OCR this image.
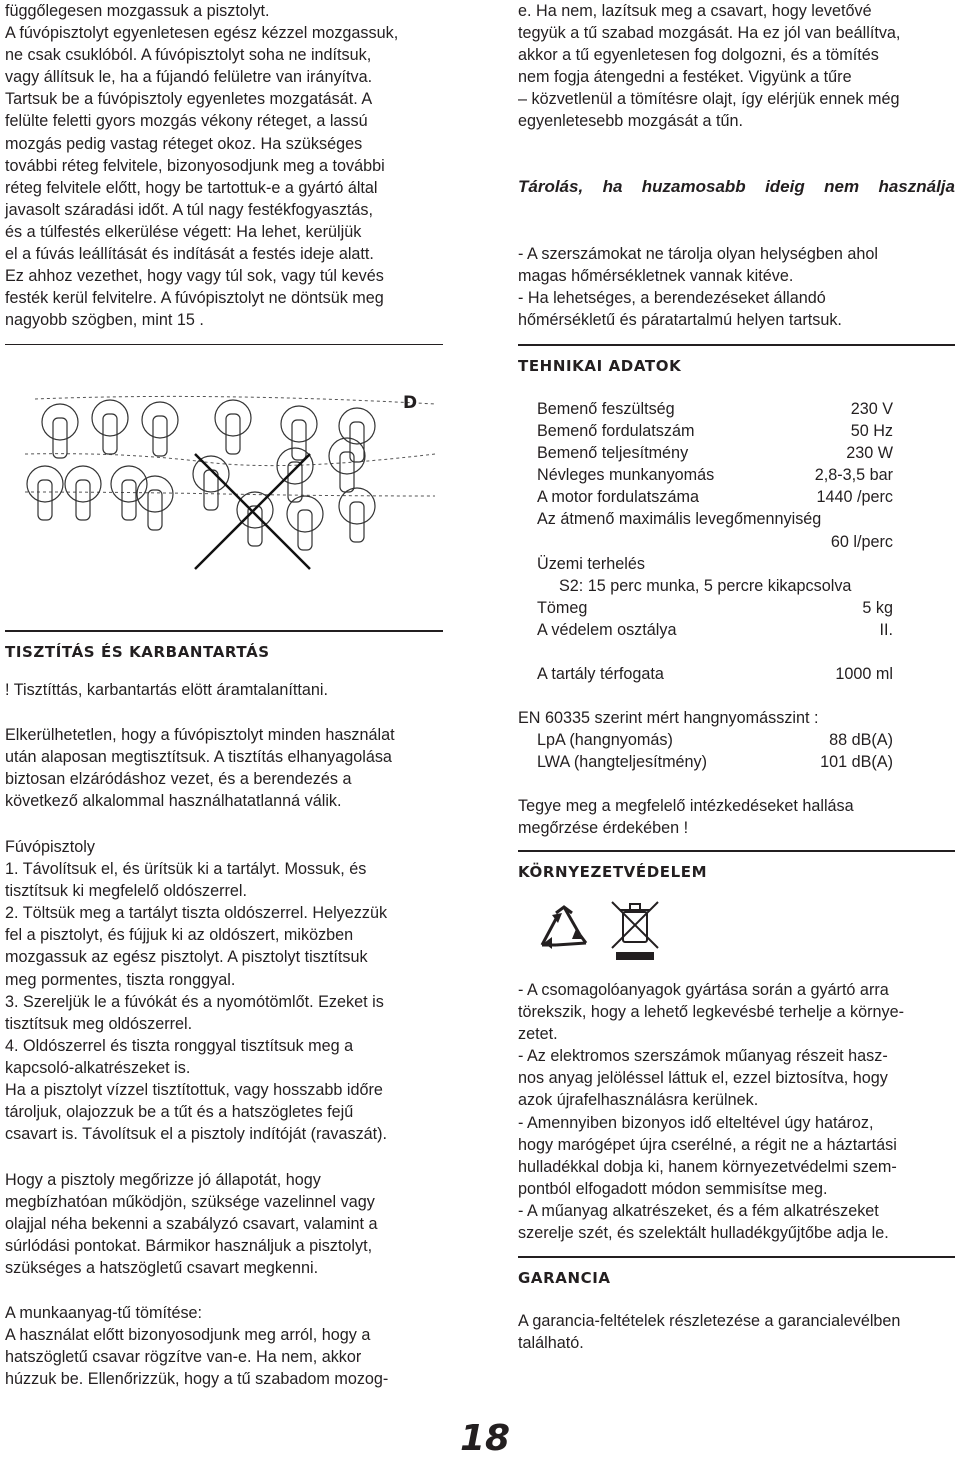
függőlegesen mozgassuk a pisztolyt.

A fúvópisztolyt egyenletesen egész kézzel mozgassuk,

ne csak csuklóból. A fúvópisztolyt soha ne indítsuk,

vagy állítsuk le, ha a fújandó felületre van irányítva.

Tartsuk be a fúvópisztoly egyenletes mozgatását. A

felülte feletti gyors mozgás vékony réteget, a lassú

mozgás pedig vastag réteget okoz. Ha szükséges

további réteg felvitele, bizonyosodjunk meg a további

réteg felvitele előtt, hogy be tartottuk-e a gyártó által

javasolt száradási időt. A túl nagy festékfogyasztás,

és a túlfestés elkerülése végett: Ha lehet, kerüljük

el a fúvás leállítását és indítását a festés ideje alatt.

Ez ahhoz vezethet, hogy vagy túl sok, vagy túl kevés

festék kerül felvitelre. A fúvópisztolyt ne döntsük meg

nagyobb szögben, mint 15 .

D
TISZTÍTÁS ÉS KARBANTARTÁS

! Tisztíttás, karbantartás elött áramtalaníttani.

Elkerülhetetlen, hogy a fúvópisztolyt minden használat

után alaposan megtisztítsuk. A tisztítás elhanyagolása

biztosan elzáródáshoz vezet, és a berendezés a

következő alkalommal használhatatlanná válik.

Fúvópisztoly

1. Távolítsuk el, és ürítsük ki a tartályt. Mossuk, és

tisztítsuk ki megfelelő oldószerrel.

2. Töltsük meg a tartályt tiszta oldószerrel. Helyezzük

fel a pisztolyt, és fújjuk ki az oldószert, miközben

mozgassuk az egész pisztolyt. A pisztolyt tisztítsuk

meg pormentes, tiszta ronggyal.

3. Szereljük le a fúvókát és a nyomótömlőt. Ezeket is

tisztítsuk meg oldószerrel.

4. Oldószerrel és tiszta ronggyal tisztítsuk meg a

kapcsoló-alkatrészeket is.

Ha a pisztolyt vízzel tisztítottuk, vagy hosszabb időre

tároljuk, olajozzuk be a tűt és a hatszögletes fejű

csavart is. Távolítsuk el a pisztoly indítóját (ravaszát).

Hogy a pisztoly megőrizze jó állapotát, hogy

megbízhatóan működjön, szüksége vazelinnel vagy

olajjal néha bekenni a szabályzó csavart, valamint a

súrlódási pontokat. Bármikor használjuk a pisztolyt,

szükséges a hatszögletű csavart megkenni.

A munkaanyag-tű tömítése:

A használat előtt bizonyosodjunk meg arról, hogy a

hatszögletű csavar rögzítve van-e. Ha nem, akkor

húzzuk be. Ellenőrizzük, hogy a tű szabadom mozog-

e. Ha nem, lazítsuk meg a csavart, hogy levetővé

tegyük a tű szabad mozgását. Ha ez jól van beállítva,

akkor a tű egyenletesen fog dolgozni, és a tömítés

nem fogja átengedni a festéket. Vigyünk a tűre

– közvetlenül a tömítésre olajt, így elérjük ennek még

egyenletesebb mozgását a tűn.

Tárolás, ha huzamosabb ideig nem használja

- A szerszámokat ne tárolja olyan helységben ahol

magas hőmérsékletnek vannak kitéve.

- Ha lehetséges, a berendezéseket állandó

hőmérsékletű és páratartalmú helyen tartsuk.

TEHNIKAI ADATOK
Bemenő feszültség	230 V
Bemenő fordulatszám	50 Hz
Bemenő teljesítmény	230 W
Névleges munkanyomás	2,8-3,5 bar
A motor fordulatszáma	1440 /perc
Az átmenő maximális levegőmennyiség
60 l/perc
Üzemi terhelés
S2: 15 perc munka, 5 percre kikapcsolva
Tömeg	5 kg
A védelem osztálya	II.
A tartály térfogata	1000 ml

EN 60335 szerint mért hangnyomásszint :

LpA (hangnyomás)	88 dB(A)
LWA (hangteljesítmény)	101 dB(A)

Tegye meg a megfelelő intézkedéseket hallása

megőrzése érdekében !

KÖRNYEZETVÉDELEM

- A csomagolóanyagok gyártása során a gyártó arra

törekszik, hogy a lehető legkevésbé terhelje a környe-

zetet.

- Az elektromos szerszámok műanyag részeit hasz-

nos anyag jelöléssel láttuk el, ezzel biztosítva, hogy

azok újrafelhasználásra kerülnek.

- Amennyiben bizonyos idő elteltével úgy határoz,

hogy marógépet újra cserélné, a régit ne a háztartási

hulladékkal dobja ki, hanem környezetvédelmi szem-

pontból elfogadott módon semmisítse meg.

- A műanyag alkatrészeket, és a fém alkatrészeket

szerelje szét, és szelektált hulladékgyűjtőbe adja le.

GARANCIA

A garancia-feltételek részletezése a garancialevélben

található.

18
